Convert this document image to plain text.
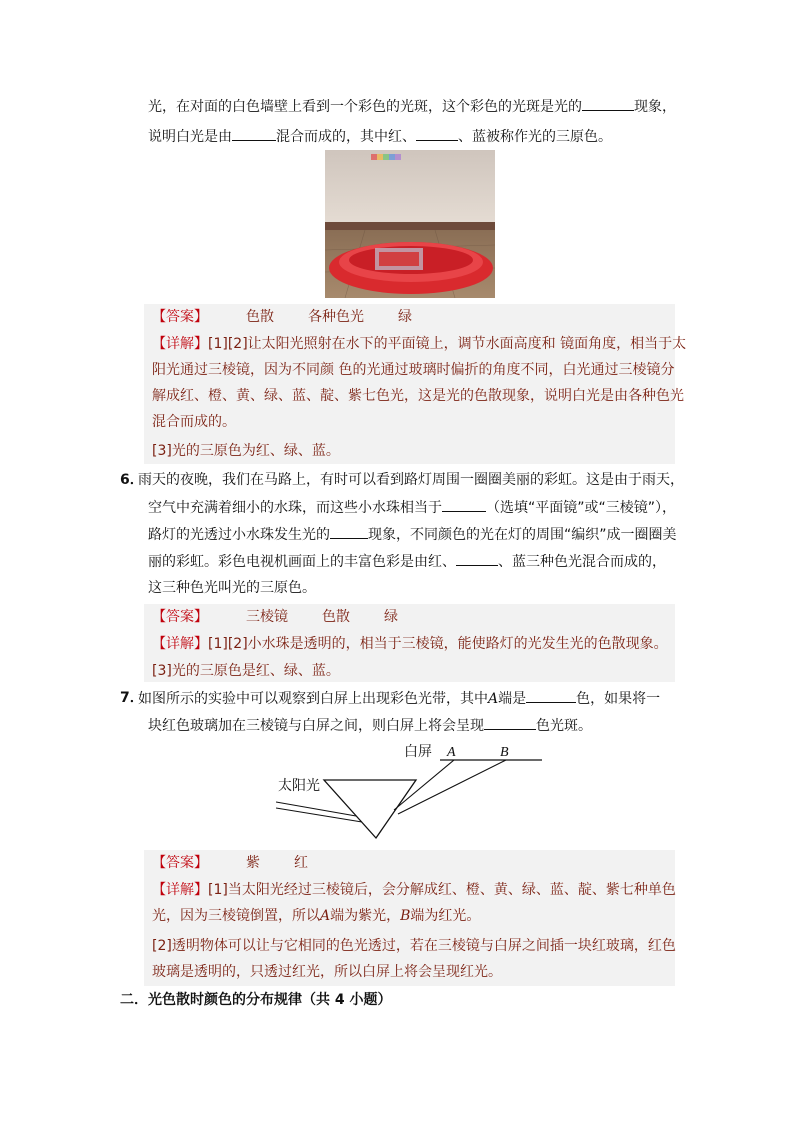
光，在对面的白色墙壁上看到一个彩色的光斑，这个彩色的光斑是光的	现象，
说明白光是由	混合而成的，其中红、	、蓝被称作光的三原色。
【答案】	色散 各种色光 绿
【详解】[1][2]让太阳光照射在水下的平面镜上，调节水面高度和 镜面角度，相当于太
阳光通过三棱镜，因为不同颜 色的光通过玻璃时偏折的角度不同，白光通过三棱镜分
解成红、橙、黄、绿、蓝、靛、紫七色光，这是光的色散现象，说明白光是由各种色光
混合而成的。
[3]光的三原色为红、绿、蓝。
6．
雨天的夜晚，我们在马路上，有时可以看到路灯周围一圈圈美丽的彩虹。这是由于雨天，
空气中充满着细小的水珠，而这些小水珠相当于	（选填“平面镜”或“三棱镜”），
路灯的光透过小水珠发生光的	现象，不同颜色的光在灯的周围“编织”成一圈圈美
丽的彩虹。彩色电视机画面上的丰富色彩是由红、	、蓝三种色光混合而成的，
这三种色光叫光的三原色。
【答案】	三棱镜 色散 绿
【详解】[1][2]小水珠是透明的，相当于三棱镜，能使路灯的光发生光的色散现象。
[3]光的三原色是红、绿、蓝。
7．
如图所示的实验中可以观察到白屏上出现彩色光带，其中A端是	色，如果将一
块红色玻璃加在三棱镜与白屏之间，则白屏上将会呈现	色光斑。
白屏 A	B
太阳光
【答案】	紫 红
【详解】[1]当太阳光经过三棱镜后，会分解成红、橙、黄、绿、蓝、靛、紫七种单色
光，因为三棱镜倒置，所以A端为紫光，B端为红光。
[2]透明物体可以让与它相同的色光透过，若在三棱镜与白屏之间插一块红玻璃，红色
玻璃是透明的，只透过红光，所以白屏上将会呈现红光。
二．光色散时颜色的分布规律（共 4 小题）
